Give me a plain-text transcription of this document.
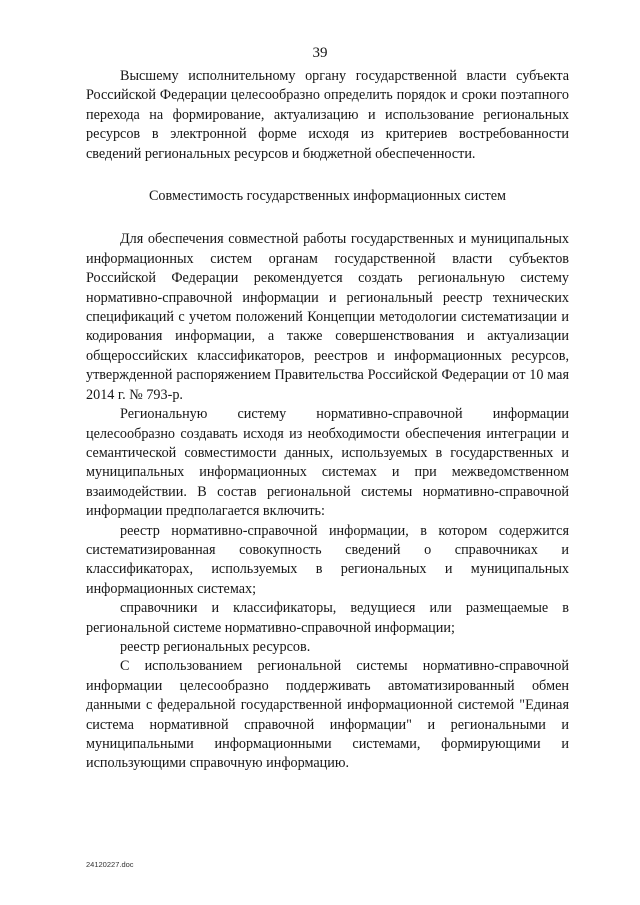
39

Высшему исполнительному органу государственной власти субъекта Российской Федерации целесообразно определить порядок и сроки поэтапного перехода на формирование, актуализацию и использование региональных ресурсов в электронной форме исходя из критериев востребованности сведений региональных ресурсов и бюджетной обеспеченности.

Совместимость государственных информационных систем

Для обеспечения совместной работы государственных и муниципальных информационных систем органам государственной власти субъектов Российской Федерации рекомендуется создать региональную систему нормативно-справочной информации и региональный реестр технических спецификаций с учетом положений Концепции методологии систематизации и кодирования информации, а также совершенствования и актуализации общероссийских классификаторов, реестров и информационных ресурсов, утвержденной распоряжением Правительства Российской Федерации от 10 мая 2014 г. № 793-р.

Региональную систему нормативно-справочной информации целесообразно создавать исходя из необходимости обеспечения интеграции и семантической совместимости данных, используемых в государственных и муниципальных информационных системах и при межведомственном взаимодействии. В состав региональной системы нормативно-справочной информации предполагается включить:

реестр нормативно-справочной информации, в котором содержится систематизированная совокупность сведений о справочниках и классификаторах, используемых в региональных и муниципальных информационных системах;

справочники и классификаторы, ведущиеся или размещаемые в региональной системе нормативно-справочной информации;

реестр региональных ресурсов.

С использованием региональной системы нормативно-справочной информации целесообразно поддерживать автоматизированный обмен данными с федеральной государственной информационной системой "Единая система нормативной справочной информации" и региональными и муниципальными информационными системами, формирующими и использующими справочную информацию.

24120227.doc
